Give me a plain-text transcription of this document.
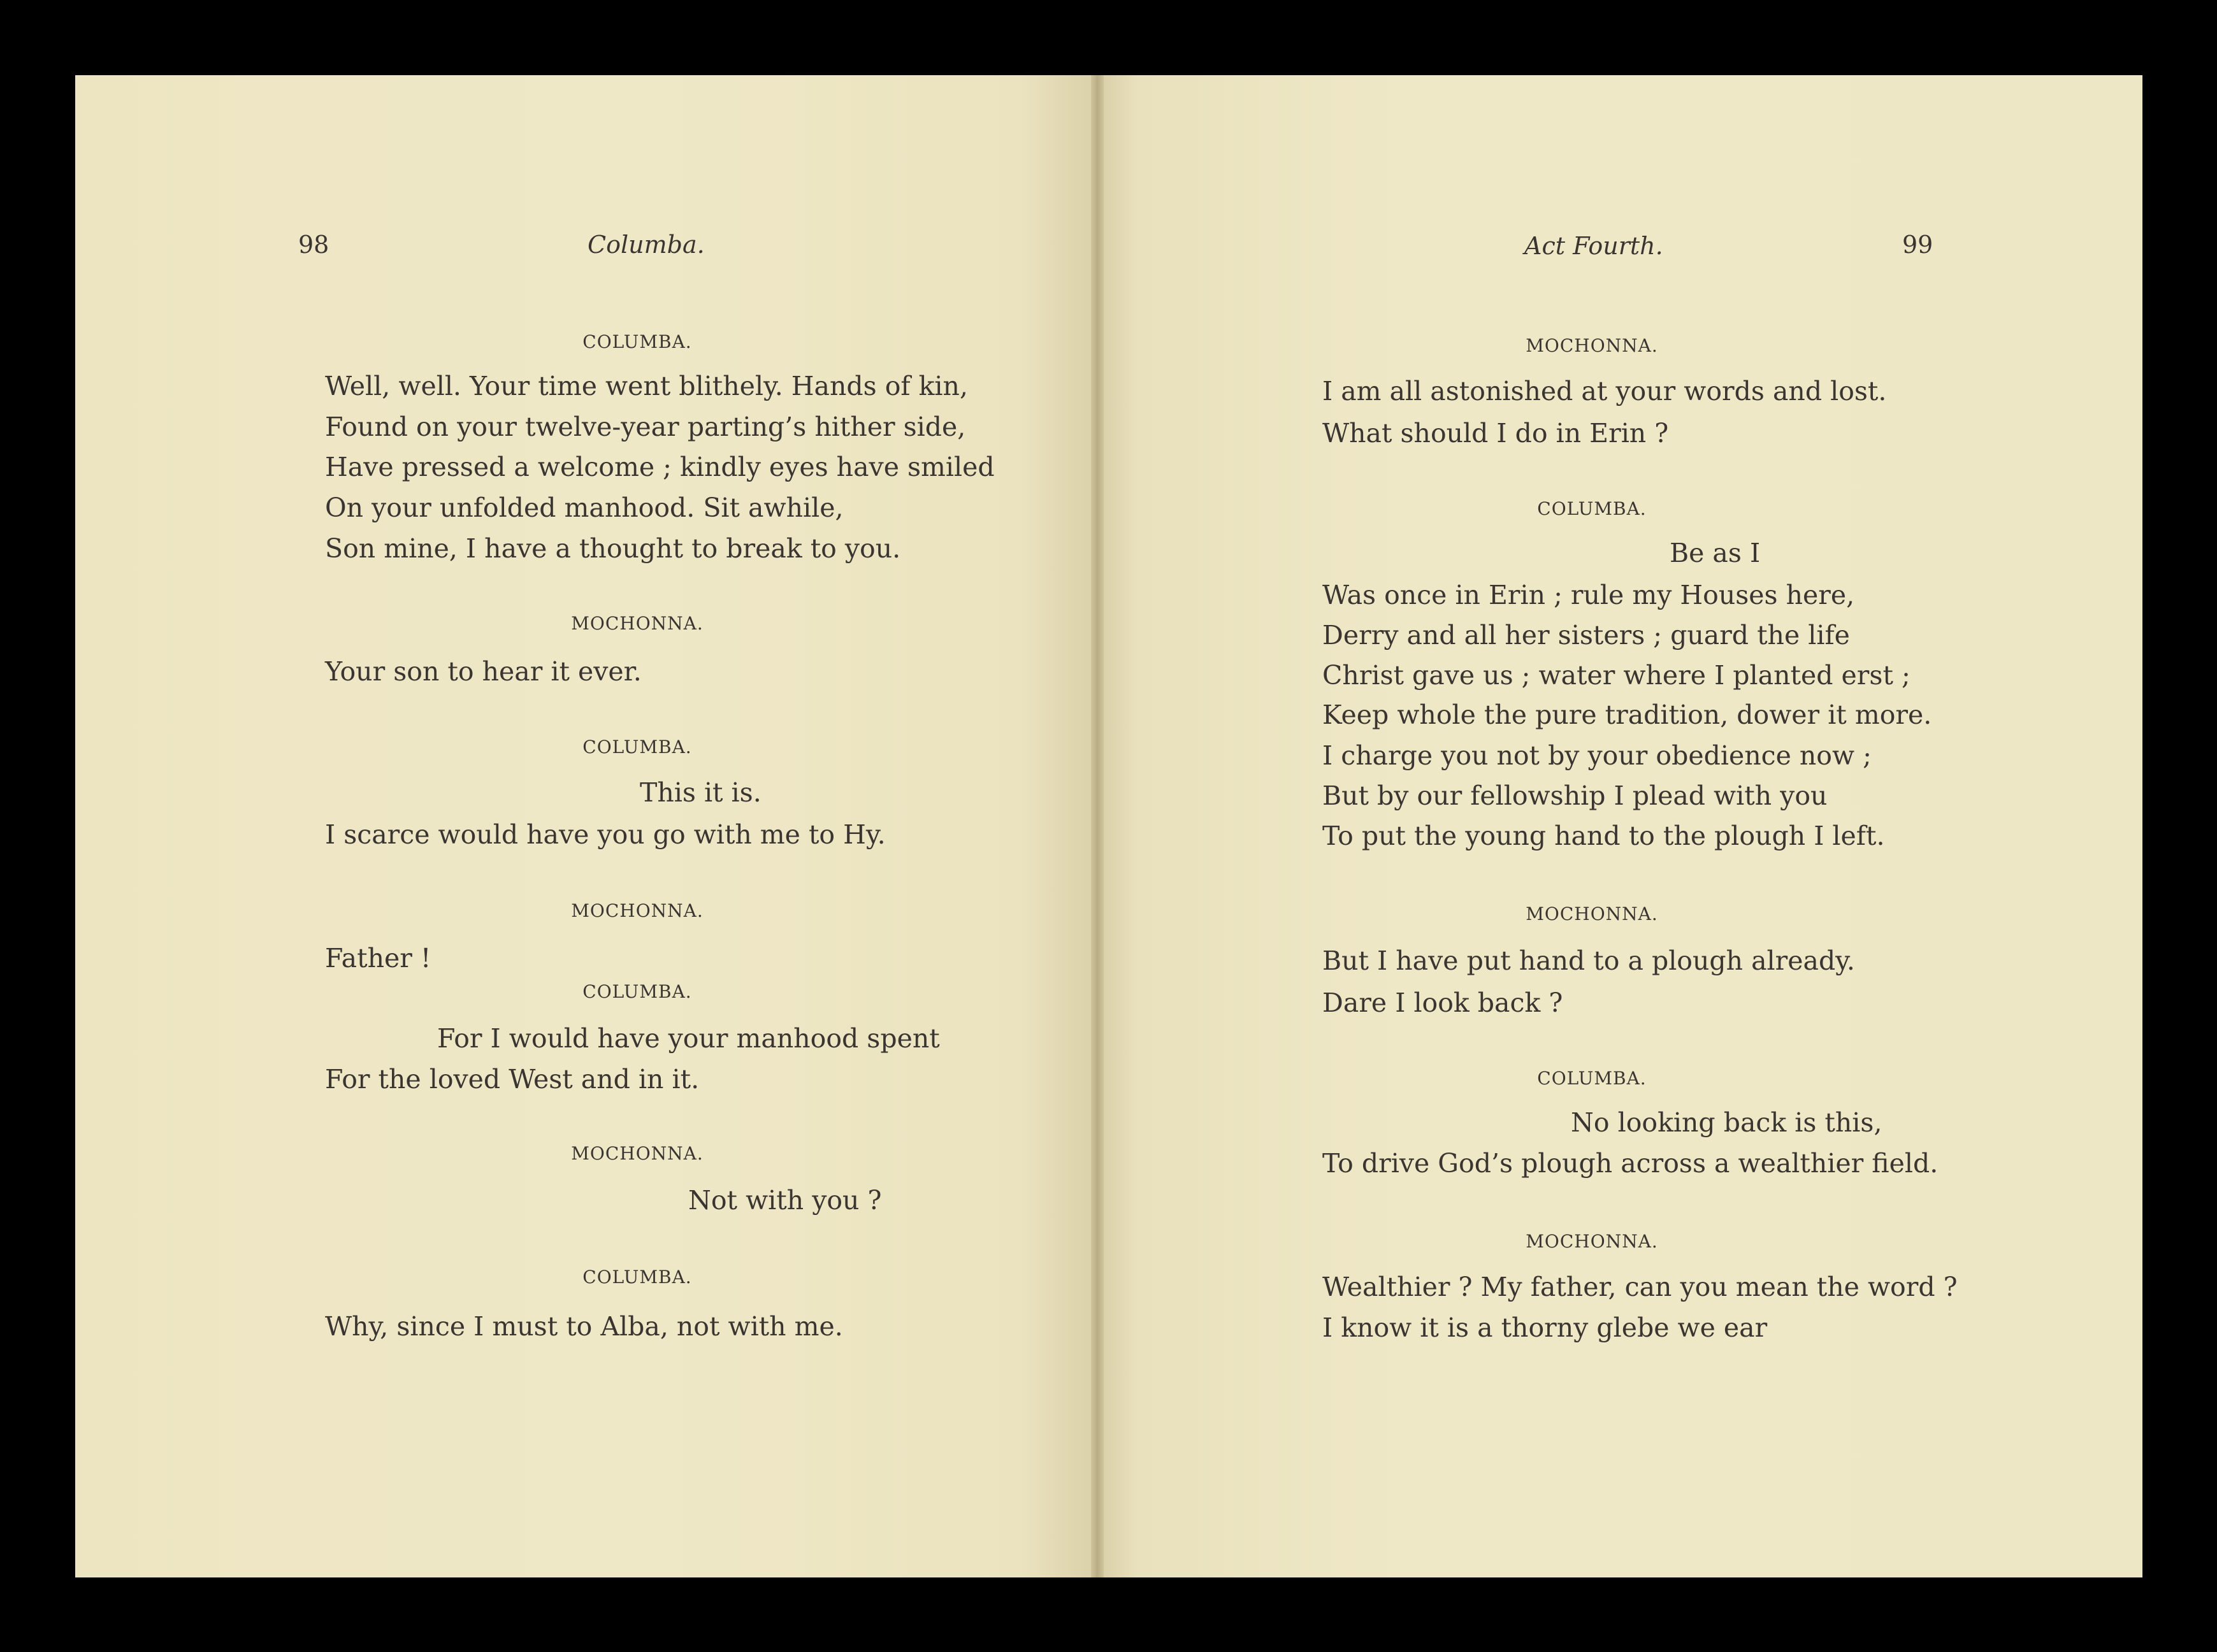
98	Columba.	Act Fourth.	99
COLUMBA.
Well, well. Your time went blithely. Hands of kin,
Found on your twelve-year parting’s hither side,
Have pressed a welcome ; kindly eyes have smiled
On your unfolded manhood. Sit awhile,
Son mine, I have a thought to break to you.
MOCHONNA.
Your son to hear it ever.
COLUMBA.
This it is.
I scarce would have you go with me to Hy.
MOCHONNA.
Father !
COLUMBA.
For I would have your manhood spent
For the loved West and in it.
MOCHONNA.
Not with you ?
COLUMBA.
Why, since I must to Alba, not with me.
MOCHONNA.
I am all astonished at your words and lost.
What should I do in Erin ?
COLUMBA.
Be as I
Was once in Erin ; rule my Houses here,
Derry and all her sisters ; guard the life
Christ gave us ; water where I planted erst ;
Keep whole the pure tradition, dower it more.
I charge you not by your obedience now ;
But by our fellowship I plead with you
To put the young hand to the plough I left.
MOCHONNA.
But I have put hand to a plough already.
Dare I look back ?
COLUMBA.
No looking back is this,
To drive God’s plough across a wealthier field.
MOCHONNA.
Wealthier ? My father, can you mean the word ?
I know it is a thorny glebe we ear
